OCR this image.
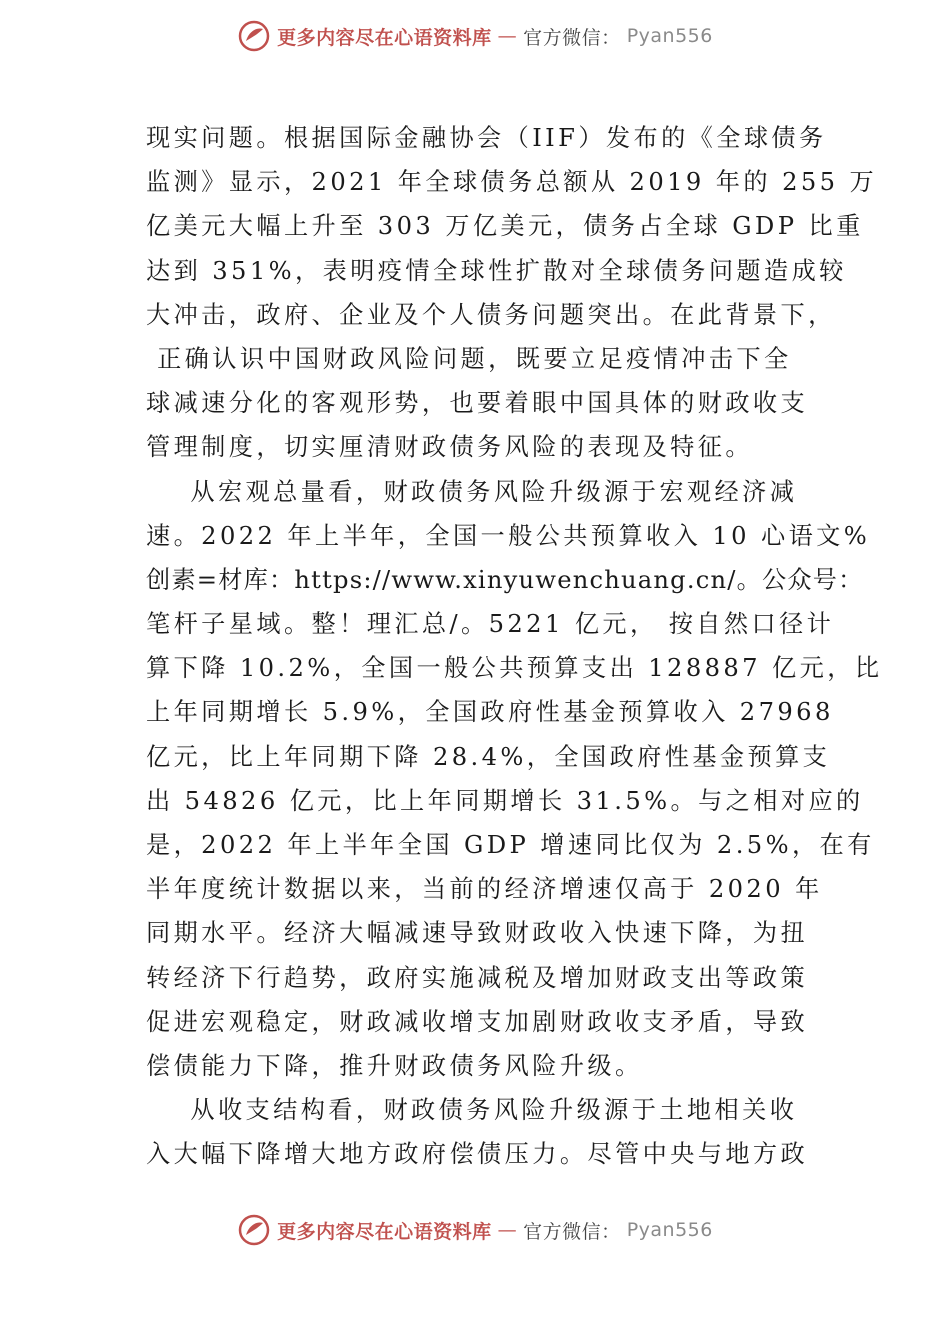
更多内容尽在心语资料库 — 官方微信： Pyan556
现实问题。根据国际金融协会（IIF）发布的《全球债务
监测》显示，2021 年全球债务总额从 2019 年的 255 万
亿美元大幅上升至 303 万亿美元，债务占全球 GDP 比重
达到 351%，表明疫情全球性扩散对全球债务问题造成较
大冲击，政府、企业及个人债务问题突出。在此背景下，
正确认识中国财政风险问题，既要立足疫情冲击下全
球减速分化的客观形势，也要着眼中国具体的财政收支
管理制度，切实厘清财政债务风险的表现及特征。
从宏观总量看，财政债务风险升级源于宏观经济减
速。2022 年上半年，全国一般公共预算收入 10 心语文%
创素=材库：https://www.xinyuwenchuang.cn/。公众号：
笔杆子星域。整！理汇总/。5221 亿元， 按自然口径计
算下降 10.2%，全国一般公共预算支出 128887 亿元，比
上年同期增长 5.9%，全国政府性基金预算收入 27968
亿元，比上年同期下降 28.4%，全国政府性基金预算支
出 54826 亿元，比上年同期增长 31.5%。与之相对应的
是，2022 年上半年全国 GDP 增速同比仅为 2.5%，在有
半年度统计数据以来，当前的经济增速仅高于 2020 年
同期水平。经济大幅减速导致财政收入快速下降，为扭
转经济下行趋势，政府实施减税及增加财政支出等政策
促进宏观稳定，财政减收增支加剧财政收支矛盾，导致
偿债能力下降，推升财政债务风险升级。
从收支结构看，财政债务风险升级源于土地相关收
入大幅下降增大地方政府偿债压力。尽管中央与地方政
更多内容尽在心语资料库 — 官方微信： Pyan556
